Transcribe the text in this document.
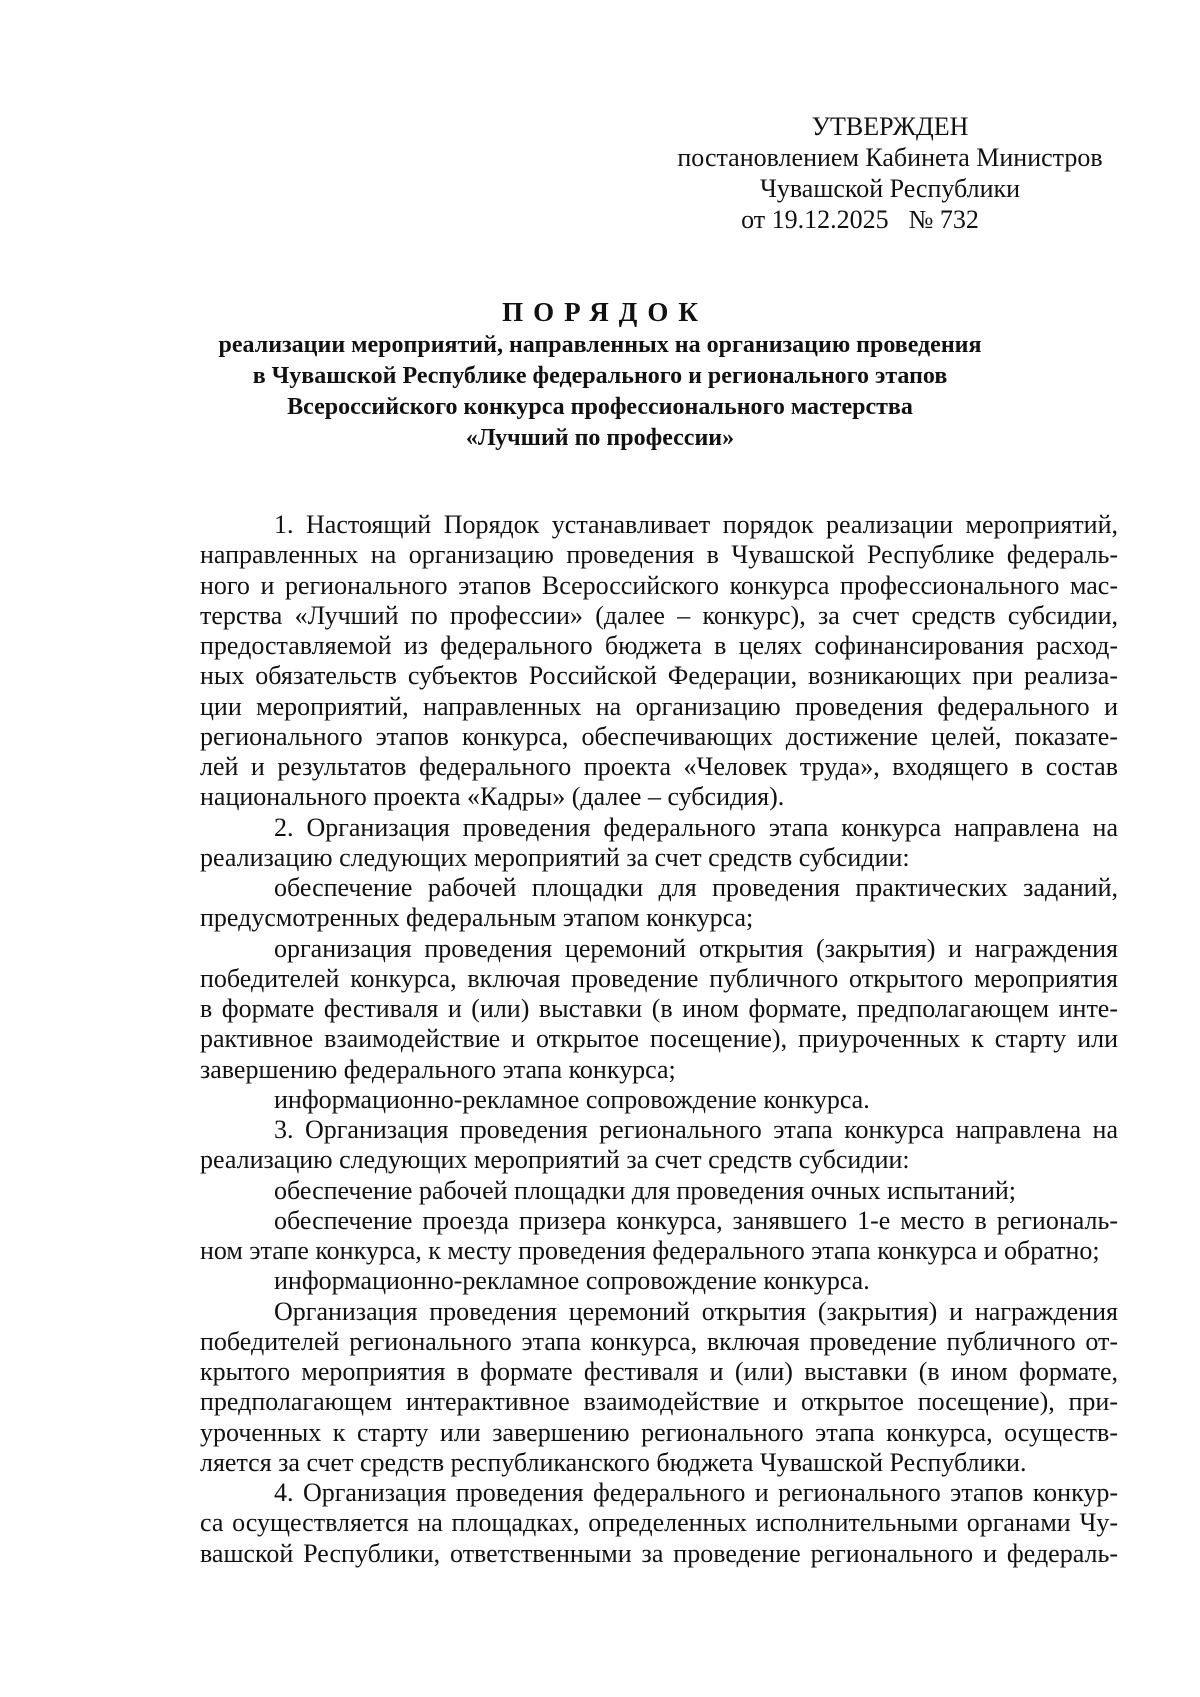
УТВЕРЖДЕН
постановлением Кабинета Министров
Чувашской Республики
от 19.12.2025 № 732
ПОРЯДОК
реализации мероприятий, направленных на организацию проведения
в Чувашской Республике федерального и регионального этапов
Всероссийского конкурса профессионального мастерства
«Лучший по профессии»
1. Настоящий Порядок устанавливает порядок реализации мероприятий,
направленных на организацию проведения в Чувашской Республике федераль-
ного и регионального этапов Всероссийского конкурса профессионального мас-
терства «Лучший по профессии» (далее – конкурс), за счет средств субсидии,
предоставляемой из федерального бюджета в целях софинансирования расход-
ных обязательств субъектов Российской Федерации, возникающих при реализа-
ции мероприятий, направленных на организацию проведения федерального и
регионального этапов конкурса, обеспечивающих достижение целей, показате-
лей и результатов федерального проекта «Человек труда», входящего в состав
национального проекта «Кадры» (далее – субсидия).
2. Организация проведения федерального этапа конкурса направлена на
реализацию следующих мероприятий за счет средств субсидии:
обеспечение рабочей площадки для проведения практических заданий,
предусмотренных федеральным этапом конкурса;
организация проведения церемоний открытия (закрытия) и награждения
победителей конкурса, включая проведение публичного открытого мероприятия
в формате фестиваля и (или) выставки (в ином формате, предполагающем инте-
рактивное взаимодействие и открытое посещение), приуроченных к старту или
завершению федерального этапа конкурса;
информационно-рекламное сопровождение конкурса.
3. Организация проведения регионального этапа конкурса направлена на
реализацию следующих мероприятий за счет средств субсидии:
обеспечение рабочей площадки для проведения очных испытаний;
обеспечение проезда призера конкурса, занявшего 1-е место в региональ-
ном этапе конкурса, к месту проведения федерального этапа конкурса и обратно;
информационно-рекламное сопровождение конкурса.
Организация проведения церемоний открытия (закрытия) и награждения
победителей регионального этапа конкурса, включая проведение публичного от-
крытого мероприятия в формате фестиваля и (или) выставки (в ином формате,
предполагающем интерактивное взаимодействие и открытое посещение), при-
уроченных к старту или завершению регионального этапа конкурса, осуществ-
ляется за счет средств республиканского бюджета Чувашской Республики.
4. Организация проведения федерального и регионального этапов конкур-
са осуществляется на площадках, определенных исполнительными органами Чу-
вашской Республики, ответственными за проведение регионального и федераль-
